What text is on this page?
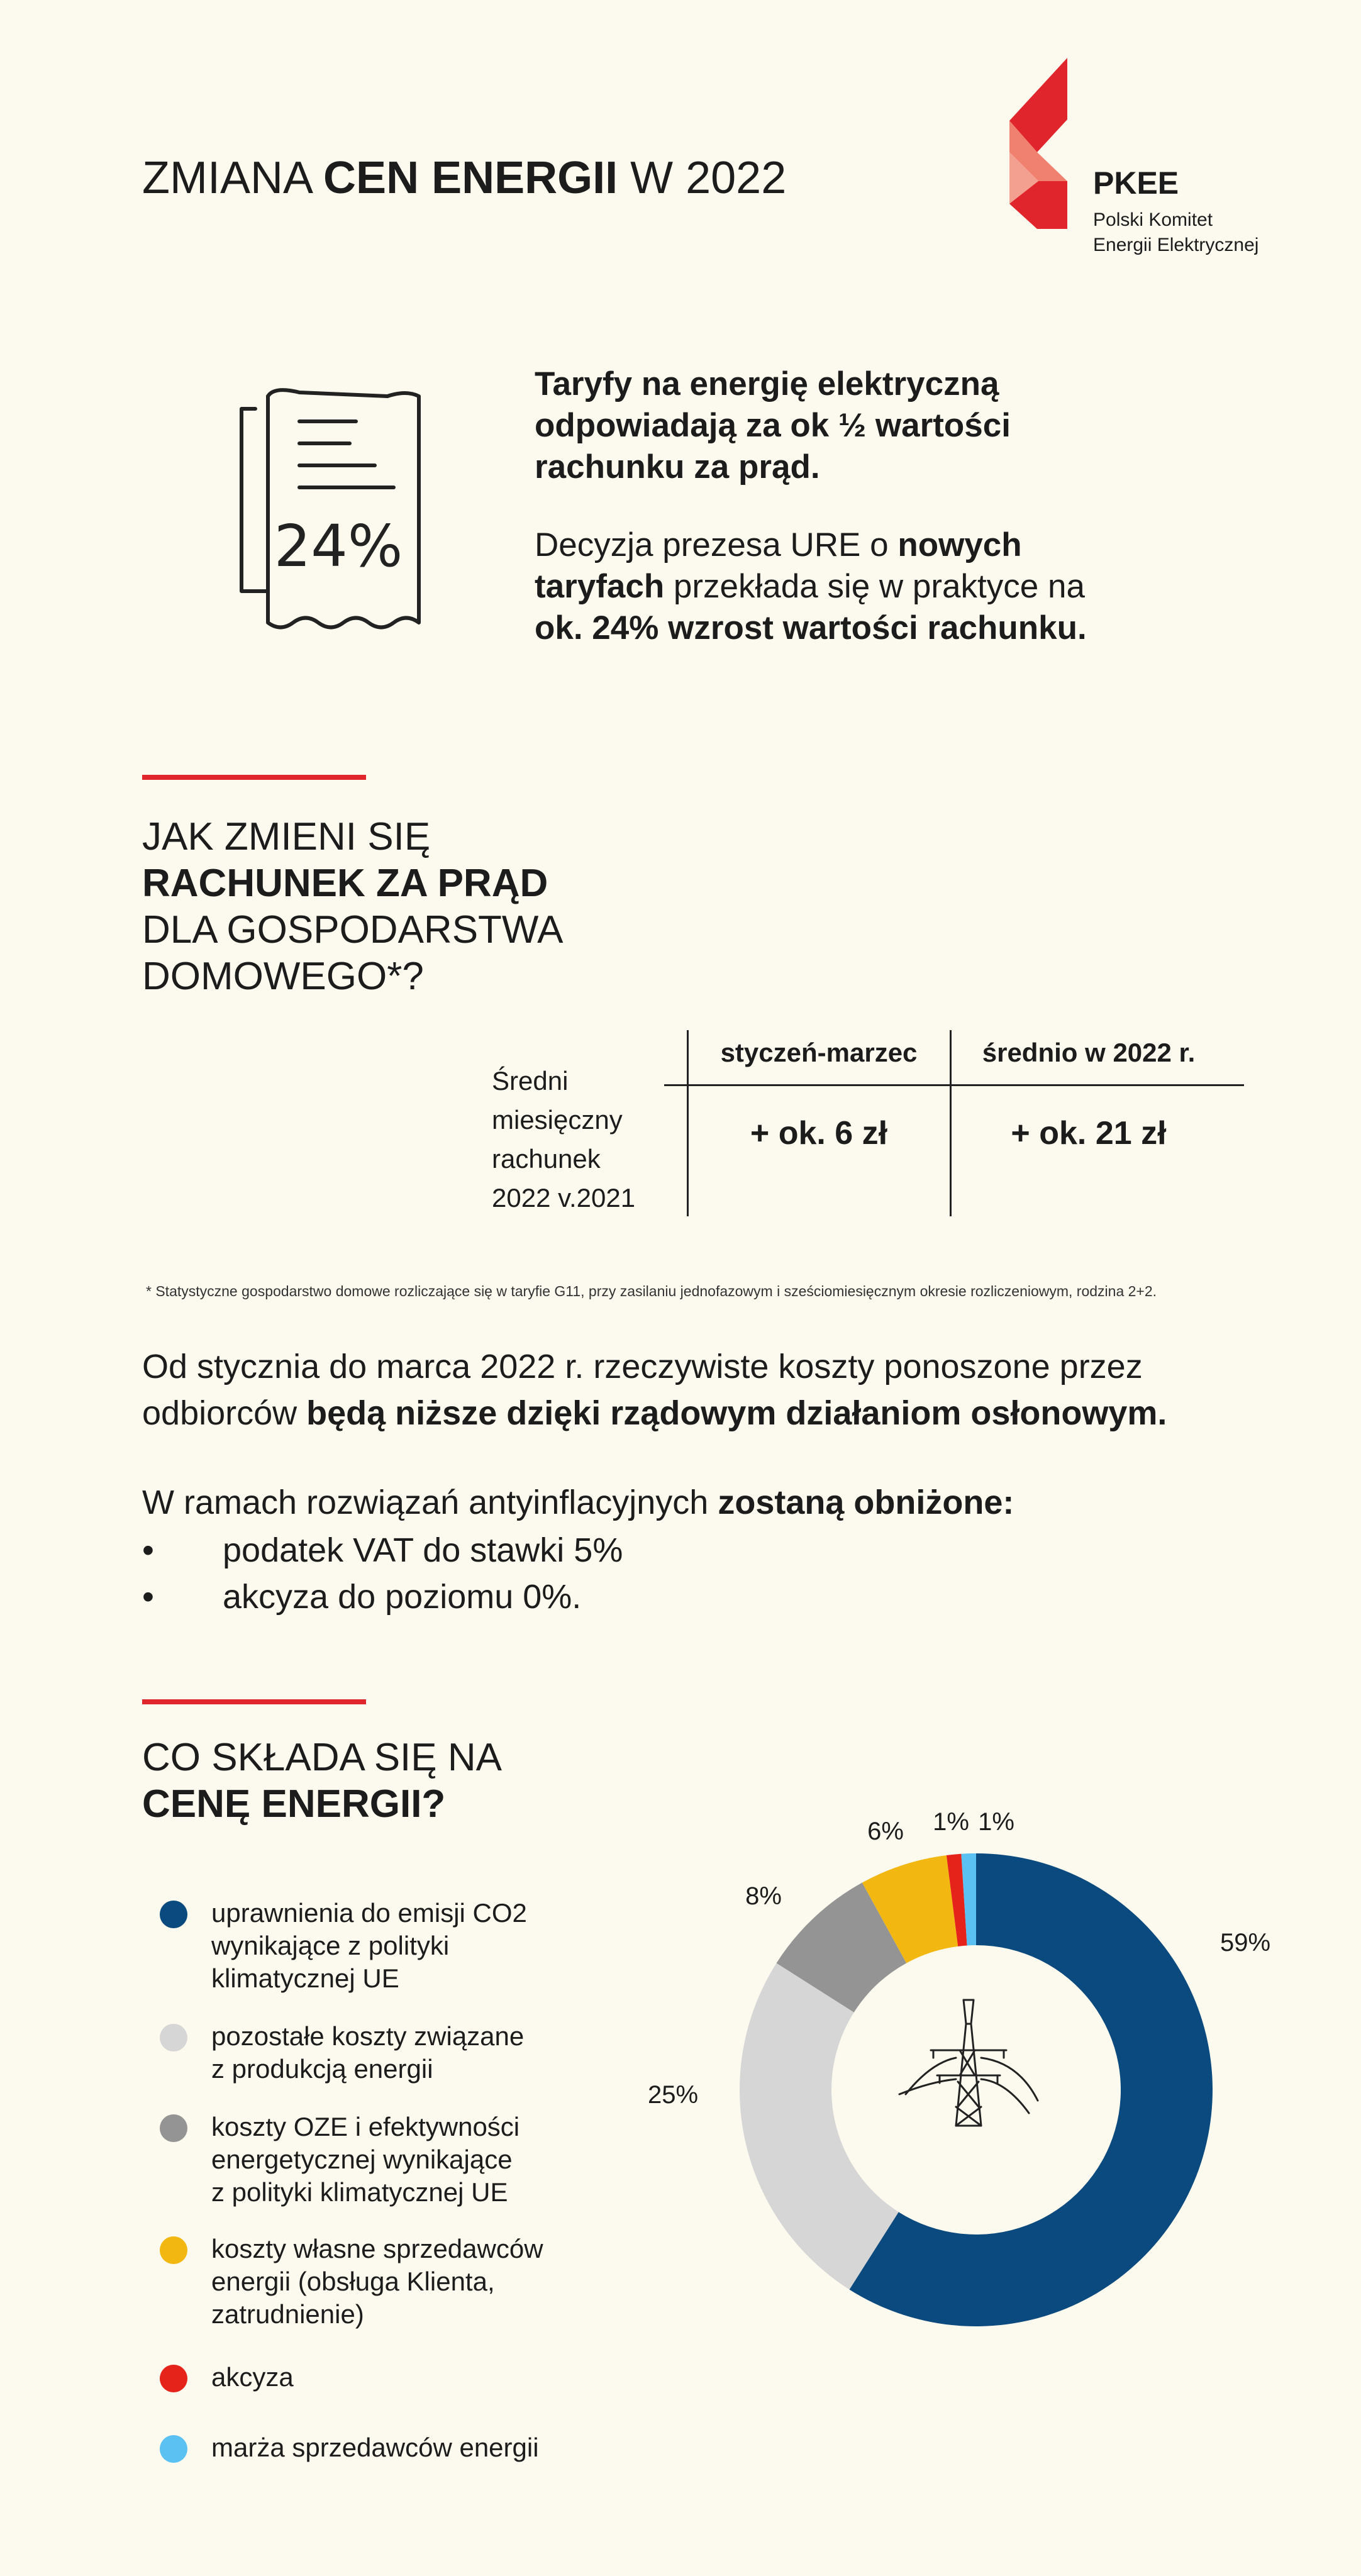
ZMIANA CEN ENERGII W 2022	PKEE
Polski Komitet
Energii Elektrycznej
24%
Taryfy na energię elektryczną
odpowiadają za ok ½ wartości
rachunku za prąd.
Decyzja prezesa URE o nowych
taryfach przekłada się w praktyce na
ok. 24% wzrost wartości rachunku.
JAK ZMIENI SIĘ
RACHUNEK ZA PRĄD
DLA GOSPODARSTWA
DOMOWEGO*?
Średni
miesięczny
rachunek
2022 v.2021
styczeń-marzec	średnio w 2022 r.
+ ok. 6 zł	+ ok. 21 zł
* Statystyczne gospodarstwo domowe rozliczające się w taryfie G11, przy zasilaniu jednofazowym i sześciomiesięcznym okresie rozliczeniowym, rodzina 2+2.
Od stycznia do marca 2022 r. rzeczywiste koszty ponoszone przez
odbiorców będą niższe dzięki rządowym działaniom osłonowym.
W ramach rozwiązań antyinflacyjnych zostaną obniżone:
• podatek VAT do stawki 5%
• akcyza do poziomu 0%.
CO SKŁADA SIĘ NA
CENĘ ENERGII?
uprawnienia do emisji CO2
wynikające z polityki
klimatycznej UE
pozostałe koszty związane
z produkcją energii
koszty OZE i efektywności
energetycznej wynikające
z polityki klimatycznej UE
koszty własne sprzedawców
energii (obsługa Klienta,
zatrudnienie)
akcyza
marża sprzedawców energii
59%
25%
8%
6% 1% 1%
